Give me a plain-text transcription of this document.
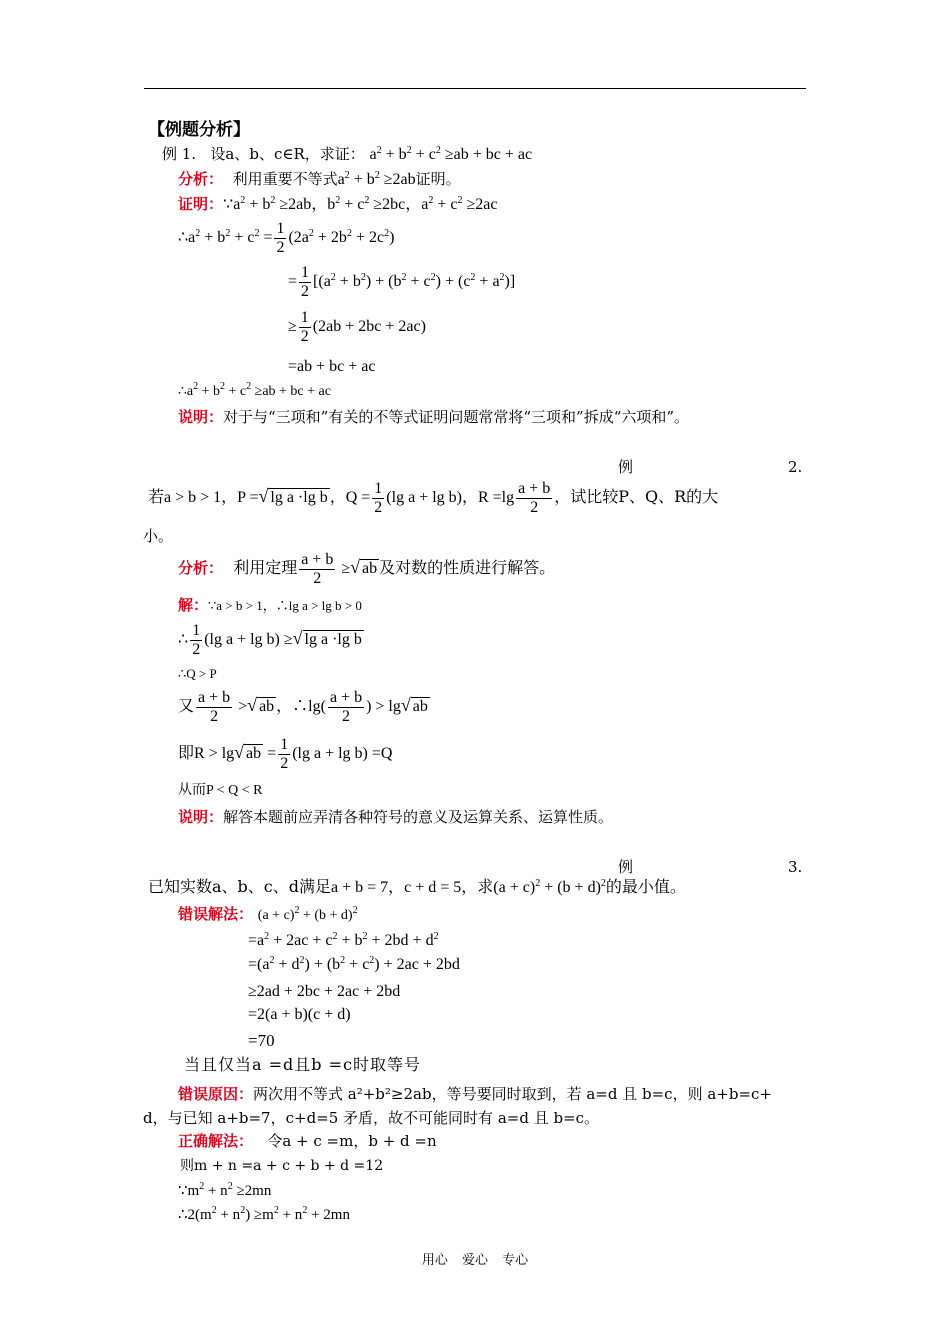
【例题分析】
例 1. 设a、b、c∈R，求证： $a^2 + b^2 + c^2 \ge ab$ + bc + ac
分析： 利用重要不等式$a^2 + b^2 \ge 2ab$证明。
证明：$\because a^2 + b^2 \ge 2ab$，$b^2 + c^2 \ge 2bc$，$a^2 + c^2 \ge 2ac$
$\therefore a^2 + b^2 + c^2 = \frac{1}{2} (2a^2 + 2b^2 + 2c^2)$
= $\frac{1}{2} [(a^2 + b^2) + (b^2 + c^2) + (c^2 + a^2)]$
≥ $\frac{1}{2} (2ab + 2bc + 2ac)$
=ab + bc + ac
$\therefore a^2 + b^2 + c^2 \ge ab$ + bc + ac
说明：对于与“三项和”有关的不等式证明问题常常将“三项和”拆成“六项和”。
例	2.
若a > b > 1，P =√ lg a ·lg b ，$Q = \frac{1}{2} (\lg$ a + lg b)，$R =\lg \frac{a + b}{2}$ ，试比较P、Q、R的大
小。
分析： 利用定理 $\frac{a + b}{2}$ ≥√ ab 及对数的性质进行解答。
解：∵a > b > 1，∴lg a > lg b > 0
∴ $\frac{1}{2} (\lg$ a + lg b) ≥√ lg a ·lg b
∴Q > P
又 $\frac{a + b}{2}$ >√ ab ，∴lg( $\frac{a + b}{2}$ ) > lg√ ab
即R > lg√ ab = $\frac{1}{2} (\lg$ a + lg b) =Q
从而P < Q < R
说明：解答本题前应弄清各种符号的意义及运算关系、运算性质。
例	3.
已知实数a、b、c、d满足a + b = 7，c + d = 5，求$(a + c)^2 + (b + d)^2$的最小值。
错误解法： $(a + c)^2 + (b + d)^2$
$=a^2 + 2ac + c^2 + b^2 + 2bd + d^2$
$=(a^2 + d^2) + (b^2 + c^2) + 2ac + 2bd$
≥2ad + 2bc + 2ac + 2bd
=2(a + b)(c + d)
=70
当且仅当a =d且b =c时取等号
错误原因：两次用不等式 a²+b²≥2ab，等号要同时取到，若 a=d 且 b=c，则 a+b=c+
d，与已知 a+b=7，c+d=5 矛盾，故不可能同时有 a=d 且 b=c。
正确解法： 令a + c =m，b + d =n
则m + n =a + c + b + d =12
$\because m^2 + n^2 \ge 2mn$
$\therefore 2(m^2 + n^2) \ge m^2 + n^2 + 2mn$
用心 爱心 专心
